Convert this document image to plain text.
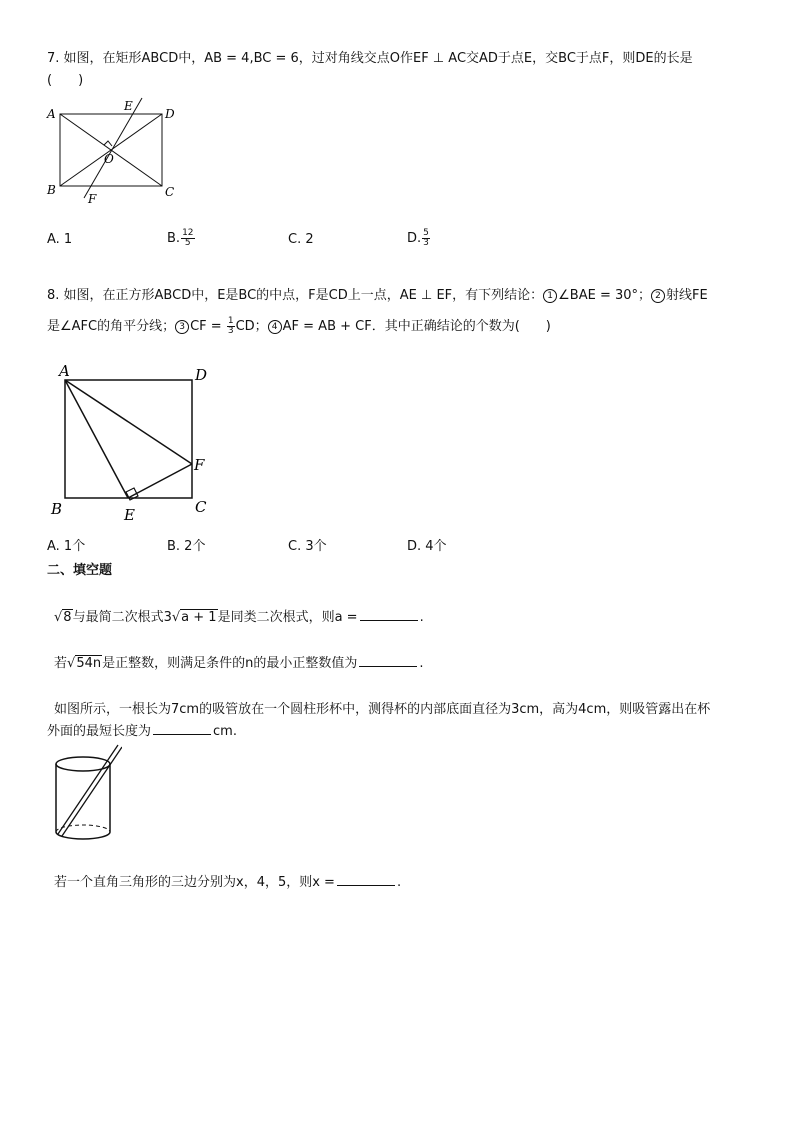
7. 如图，在矩形ABCD中，AB = 4,BC = 6，过对角线交点O作EF ⊥ AC交AD于点E，交BC于点F，则DE的长是
(　　)
A	D
B	C
E
F
O
A. 1	B. $\frac{12}{5}$	C. 2	D. $\frac{5}{3}$
8. 如图，在正方形ABCD中，E是BC的中点，F是CD上一点，AE ⊥ EF，有下列结论： 1 ∠BAE = 30°； 2 射线FE
是∠AFC的角平分线； 3 CF = $\frac{1}{3}$ CD； 4 AF = AB + CF．其中正确结论的个数为(　　)
A	D
B	C
F
E
A. 1个	B. 2个	C. 3个	D. 4个
二、填空题
√8与最简二次根式3√a + 1是同类二次根式，则a =	.
若√54n是正整数，则满足条件的n的最小正整数值为	.
如图所示，一根长为7cm的吸管放在一个圆柱形杯中，测得杯的内部底面直径为3cm，高为4cm，则吸管露出在杯
外面的最短长度为	cm.
若一个直角三角形的三边分别为x，4，5，则x =	.
